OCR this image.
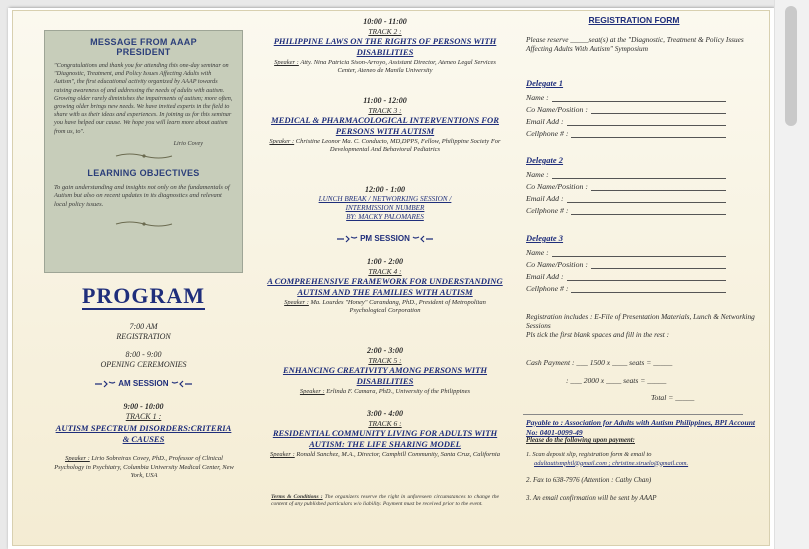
MESSAGE FROM AAAP
PRESIDENT
"Congratulations and thank you for attending this one-day seminar on "Diagnostic, Treatment, and Policy Issues Affecting Adults with Autism", the first educational activity organized by AAAP towards raising awareness of and addressing the needs of adults with autism. Growing older rarely diminishes the impairments of autism; more often, growing older brings new needs. We have invited experts in the field to share with us their ideas and experiences. In joining us for this seminar you have helped our cause. We hope you will learn more about autism from us, to".
Lirio Covey
LEARNING OBJECTIVES
To gain understanding and insights not only on the fundamentals of Autism but also on recent updates in its diagnostics and relevant local policy issues.
PROGRAM
7:00 AM
REGISTRATION
8:00 - 9:00
OPENING CEREMONIES
AM SESSION
9:00 - 10:00
TRACK 1 :
AUTISM SPECTRUM DISORDERS:CRITERIA & CAUSES
Speaker : Lirio Sobreiras Covey, PhD., Professor of Clinical Psychology in Psychiatry, Columbia University Medical Center, New York, USA
10:00 - 11:00
TRACK 2 :
PHILIPPINE LAWS ON THE RIGHTS OF PERSONS WITH DISABILITIES
Speaker : Atty. Nina Patricia Sison-Arroyo, Assistant Director, Ateneo Legal Services Center, Ateneo de Manila University
11:00 - 12:00
TRACK 3 :
MEDICAL & PHARMACOLOGICAL INTERVENTIONS FOR PERSONS WITH AUTISM
Speaker : Christine Leonor Ma. C. Conducto, MD,DPPS, Fellow, Philippine Society For Developmental And Behavioral Pediatrics
12:00 - 1:00
LUNCH BREAK / NETWORKING SESSION /
INTERMISSION NUMBER
BY: MACKY PALOMARES
PM SESSION
1:00 - 2:00
TRACK 4 :
A COMPREHENSIVE FRAMEWORK FOR UNDERSTANDING AUTISM AND THE FAMILIES WITH AUTISM
Speaker : Ma. Lourdes "Honey" Carandang, PhD., President of Metropolitan Psychological Corporation
2:00 - 3:00
TRACK 5 :
ENHANCING CREATIVITY AMONG PERSONS WITH DISABILITIES
Speaker : Erlinda F. Camara, PhD., University of the Philippines
3:00 - 4:00
TRACK 6 :
RESIDENTIAL COMMUNITY LIVING FOR ADULTS WITH AUTISM: THE LIFE SHARING MODEL
Speaker : Ronald Sanchez, M.A., Director, Camphill Community, Santa Cruz, California
Terms & Conditions : The organizers reserve the right in unforeseen circumstances to change the content of any published particulars w/o liability. Payment must be received prior to the event.
REGISTRATION FORM
Please reserve _____seat(s) at the "Diagnostic, Treatment & Policy Issues Affecting Adults With Autism" Symposium
Delegate 1
Name :
Co Name/Position :
Email Add :
Cellphone # :
Delegate 2
Name :
Co Name/Position :
Email Add :
Cellphone # :
Delegate 3
Name :
Co Name/Position :
Email Add :
Cellphone # :
Registration includes : E-File of Presentation Materials, Lunch & Networking Sessions
Pls tick the first blank spaces and fill in the rest :
Cash Payment : ___ 1500 x ____ seats = _____
: ___ 2000 x ____ seats = _____
Total = _____
Payable to : Association for Adults with Autism Philippines, BPI Account No: 0401-0099-49
Please do the following upon payment:
1. Scan deposit slip, registration form & email to
adultautismphil@gmail.com ; christine.siruelo@gmail.com.
2. Fax to 638-7976 (Attention : Cathy Chan)
3. An email confirmation will be sent by AAAP
